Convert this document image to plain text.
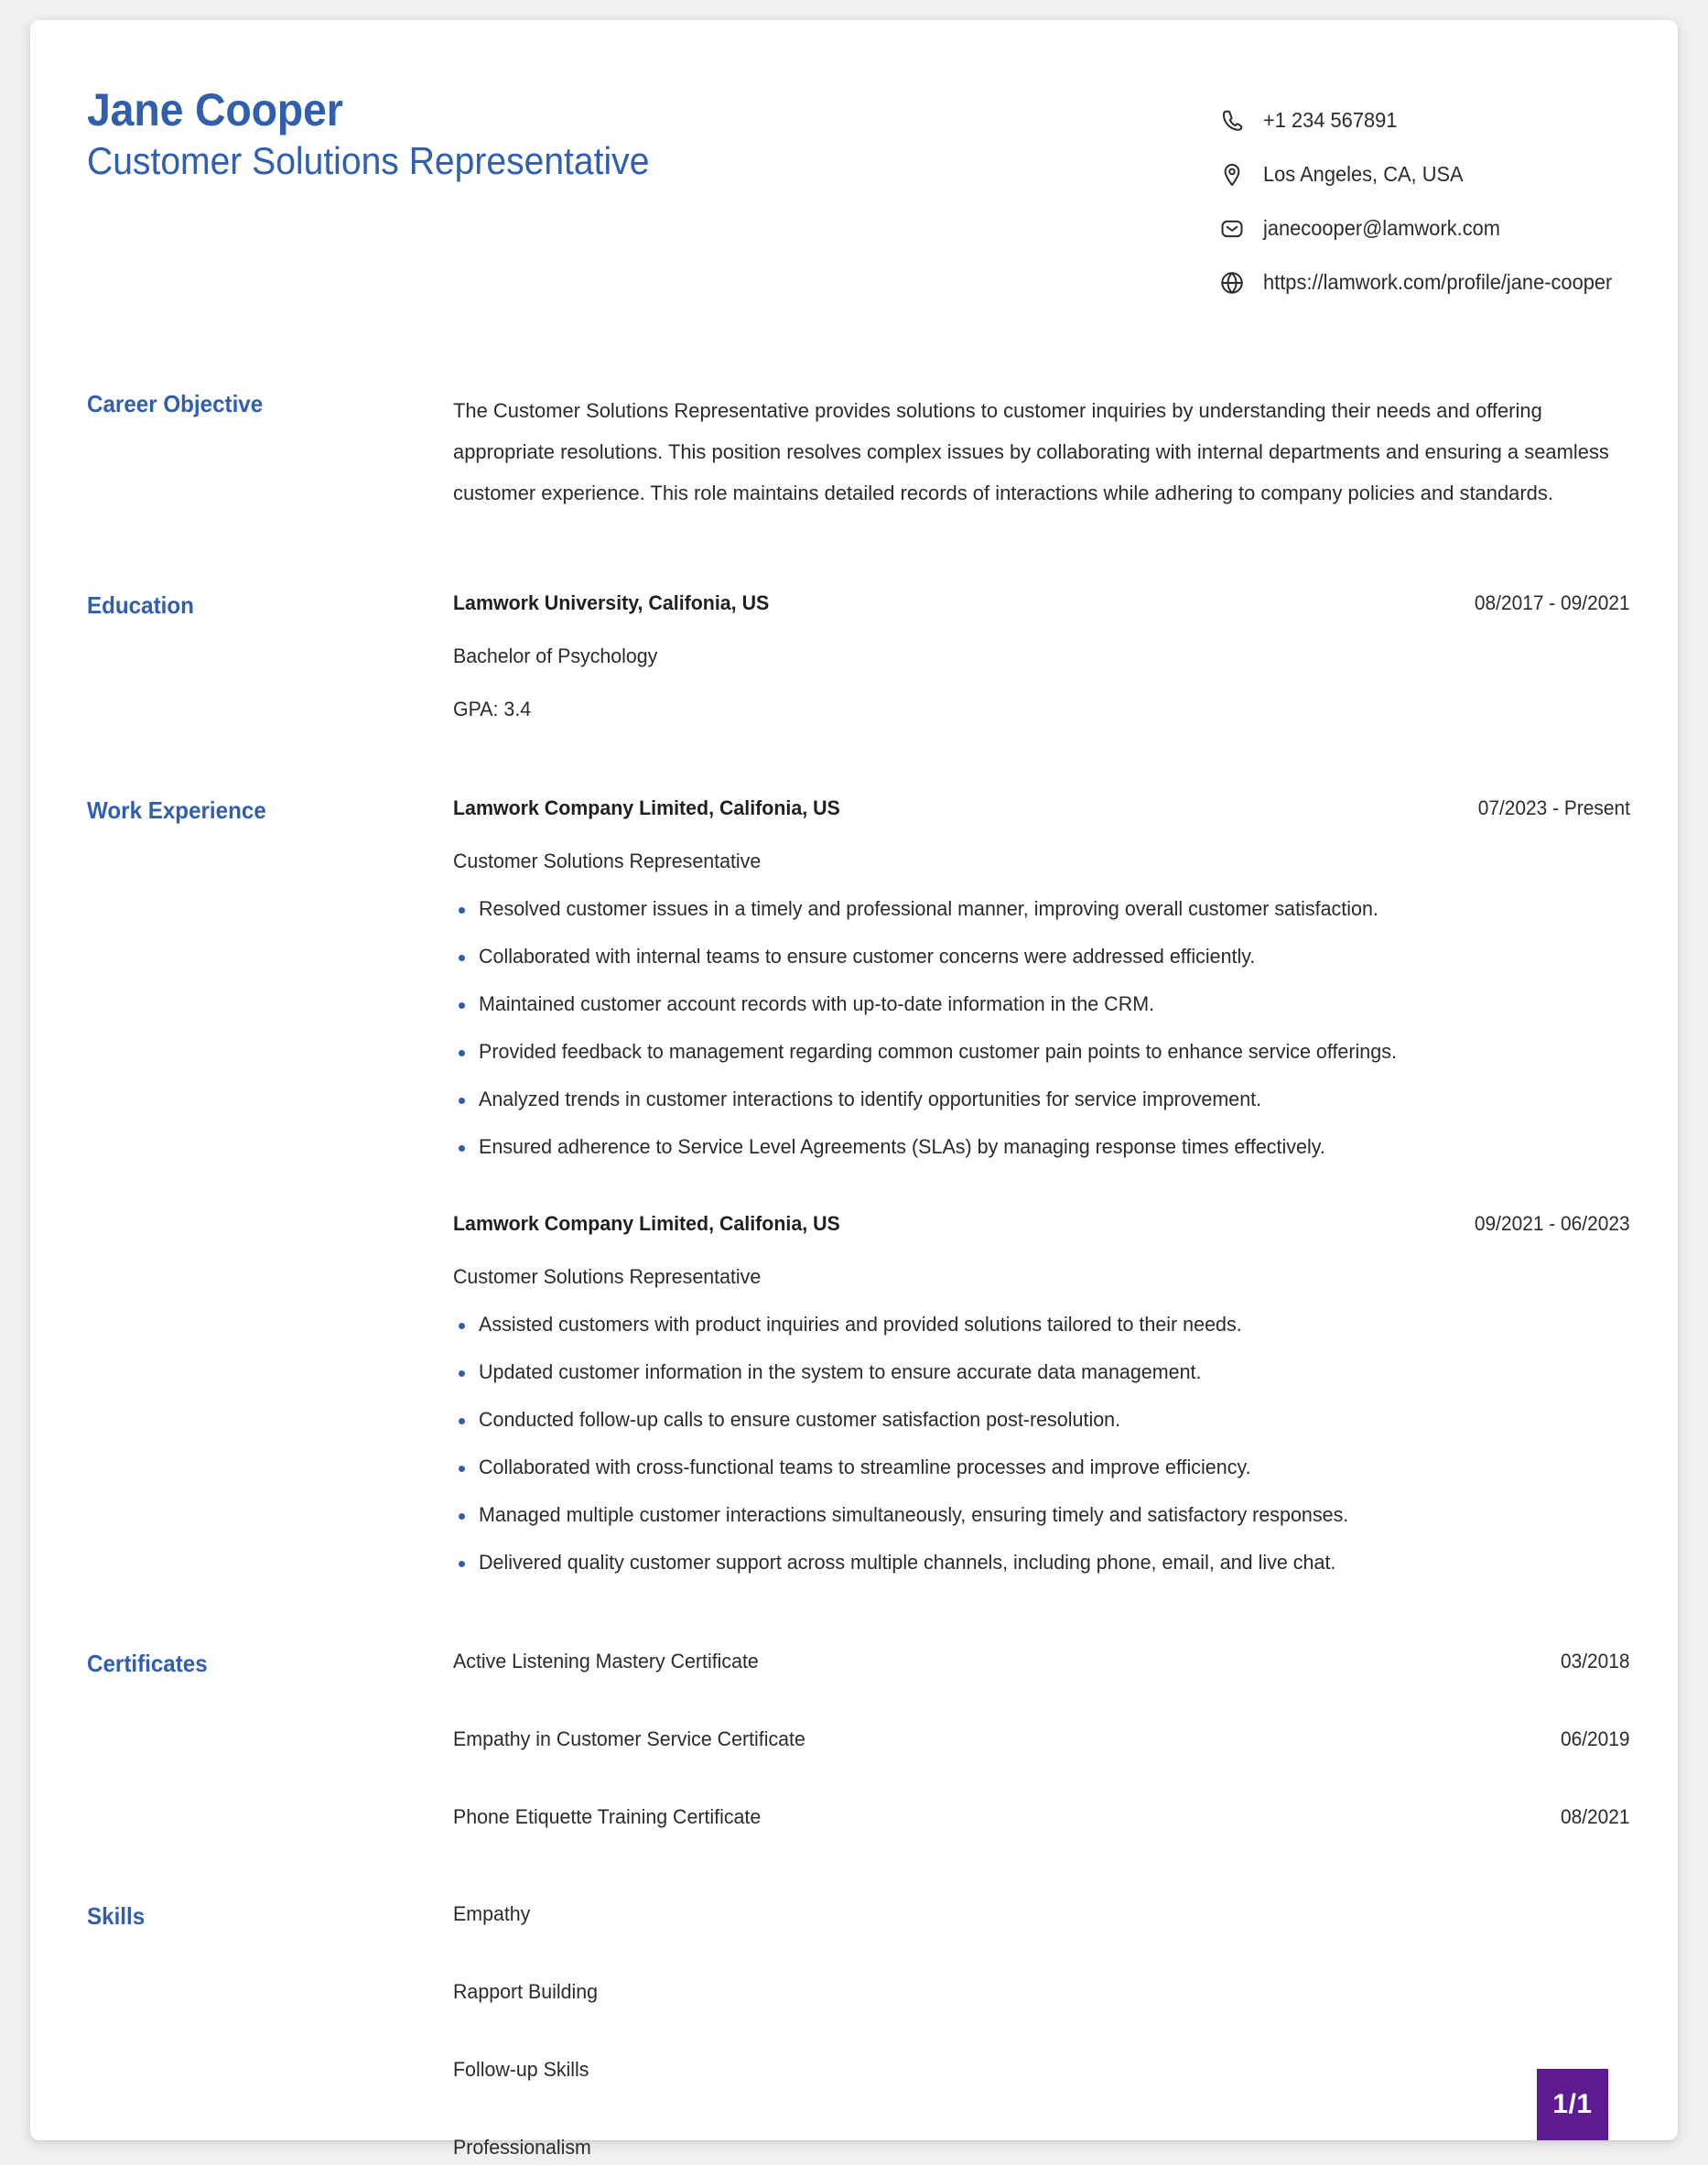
Jane Cooper
Customer Solutions Representative
+1 234 567891
Los Angeles, CA, USA
janecooper@lamwork.com
https://lamwork.com/profile/jane-cooper
Career Objective	The Customer Solutions Representative provides solutions to customer inquiries by understanding their needs and offering appropriate resolutions. This position resolves complex issues by collaborating with internal departments and ensuring a seamless customer experience. This role maintains detailed records of interactions while adhering to company policies and standards.
Education	Lamwork University, Califonia, US	08/2017 - 09/2021
Bachelor of Psychology
GPA: 3.4
Work Experience	Lamwork Company Limited, Califonia, US	07/2023 - Present
Customer Solutions Representative
Resolved customer issues in a timely and professional manner, improving overall customer satisfaction.
Collaborated with internal teams to ensure customer concerns were addressed efficiently.
Maintained customer account records with up-to-date information in the CRM.
Provided feedback to management regarding common customer pain points to enhance service offerings.
Analyzed trends in customer interactions to identify opportunities for service improvement.
Ensured adherence to Service Level Agreements (SLAs) by managing response times effectively.
Lamwork Company Limited, Califonia, US	09/2021 - 06/2023
Customer Solutions Representative
Assisted customers with product inquiries and provided solutions tailored to their needs.
Updated customer information in the system to ensure accurate data management.
Conducted follow-up calls to ensure customer satisfaction post-resolution.
Collaborated with cross-functional teams to streamline processes and improve efficiency.
Managed multiple customer interactions simultaneously, ensuring timely and satisfactory responses.
Delivered quality customer support across multiple channels, including phone, email, and live chat.
Certificates	Active Listening Mastery Certificate	03/2018
Empathy in Customer Service Certificate	06/2019
Phone Etiquette Training Certificate	08/2021
Skills	Empathy
Rapport Building
Follow-up Skills
Professionalism
1/1
